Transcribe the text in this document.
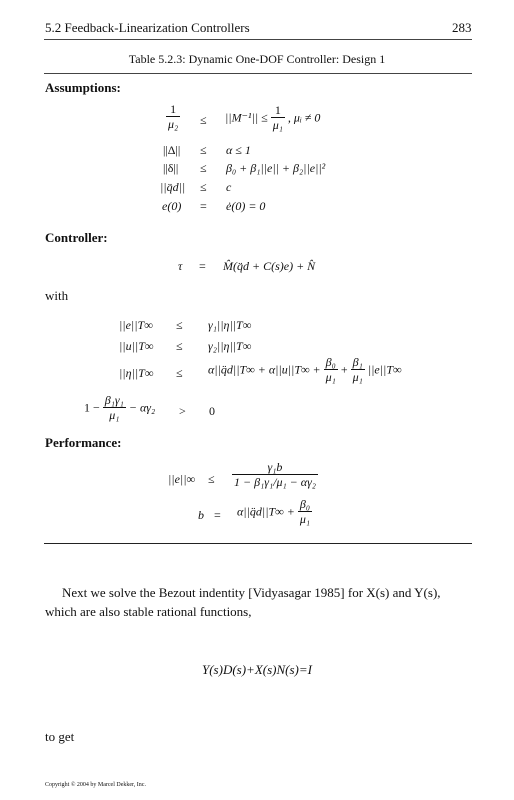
5.2 Feedback-Linearization Controllers	283
Table 5.2.3: Dynamic One-DOF Controller: Design 1
Assumptions:
$\frac{1}{\text{μ₂}} \le ||M^{-1}|| \le \frac{1}{\text{μ₁}}$ , μᵢ ≠ 0
||Δ|| ≤ α ≤ 1
||δ|| ≤ β₀ + β₁||e|| + β₂||e||²
||q̈d|| ≤ c
e(0) = ė(0) = 0
Controller:
τ = M̂(q̈d + C(s)e) + N̂
with
||e||T∞ ≤ γ₁||η||T∞
||u||T∞ ≤ γ₂||η||T∞
||η||T∞ ≤ α||q̈d||T∞ + $\alpha||u||T\infty + \frac{\text{β₀}}{\text{μ₁}} + \frac{\text{β₁}}{\text{μ₁}} ||e||T\infty$
$1 - \frac{\text{β₁γ₁}}{\text{μ₁}} - \alpha\gamma_2 > 0$
Performance:
$||e||\infty \le \frac{\text{γ₁b}}{\text{1 − β₁γ₁/μ₁ − αγ₂}}$
b = α||q̈d||T∞ + $\frac{\text{β₀}}{\text{μ₁}}$
Next we solve the Bezout indentity [Vidyasagar 1985] for X(s) and Y(s),
which are also stable rational functions,
Y(s)D(s)+X(s)N(s)=I
to get
Copyright © 2004 by Marcel Dekker, Inc.
